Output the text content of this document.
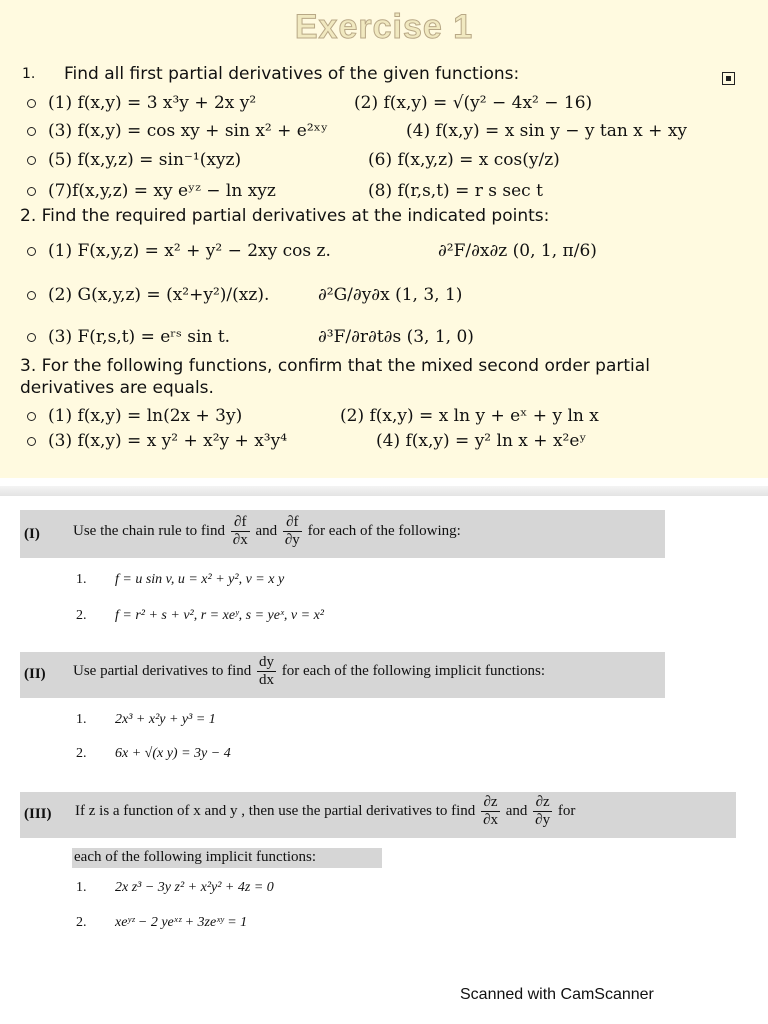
Exercise 1
1. Find all first partial derivatives of the given functions:
(1) f(x,y) = 3 x³y + 2x y²	(2) f(x,y) = √(y² − 4x² − 16)
(3) f(x,y) = cos xy + sin x² + e²ˣʸ	(4) f(x,y) = x sin y − y tan x + xy
(5) f(x,y,z) = sin⁻¹(xyz)	(6) f(x,y,z) = x cos(y/z)
(7)f(x,y,z) = xy eʸᶻ − ln xyz	(8) f(r,s,t) = r s sec t
2. Find the required partial derivatives at the indicated points:
(1) F(x,y,z) = x² + y² − 2xy cos z.	∂²F/∂x∂z (0, 1, π/6)
(2) G(x,y,z) = (x²+y²)/(xz).	∂²G/∂y∂x (1, 3, 1)
(3) F(r,s,t) = eʳˢ sin t.	∂³F/∂r∂t∂s (3, 1, 0)
3. For the following functions, confirm that the mixed second order partial
derivatives are equals.
(1) f(x,y) = ln(2x + 3y)	(2) f(x,y) = x ln y + eˣ + y ln x
(3) f(x,y) = x y² + x²y + x³y⁴	(4) f(x,y) = y² ln x + x²eʸ
(I) Use the chain rule to find $\frac{\partial f}{\partial x}$ and $\frac{\partial f}{\partial y}$ for each of the following:
1. f = u sin v, u = x² + y², v = x y
2. f = r² + s + v², r = xeʸ, s = yeˣ, v = x²
(II) Use partial derivatives to find $\frac{dy}{dx}$ for each of the following implicit functions:
1. 2x³ + x²y + y³ = 1
2. 6x + √(x y) = 3y − 4
(III) If z is a function of x and y , then use the partial derivatives to find $\frac{\partial z}{\partial x}$ and $\frac{\partial z}{\partial y}$ for
each of the following implicit functions:
1. 2x z³ − 3y z² + x²y² + 4z = 0
2. xeʸᶻ − 2 yeˣᶻ + 3zeˣʸ = 1
Scanned with CamScanner
